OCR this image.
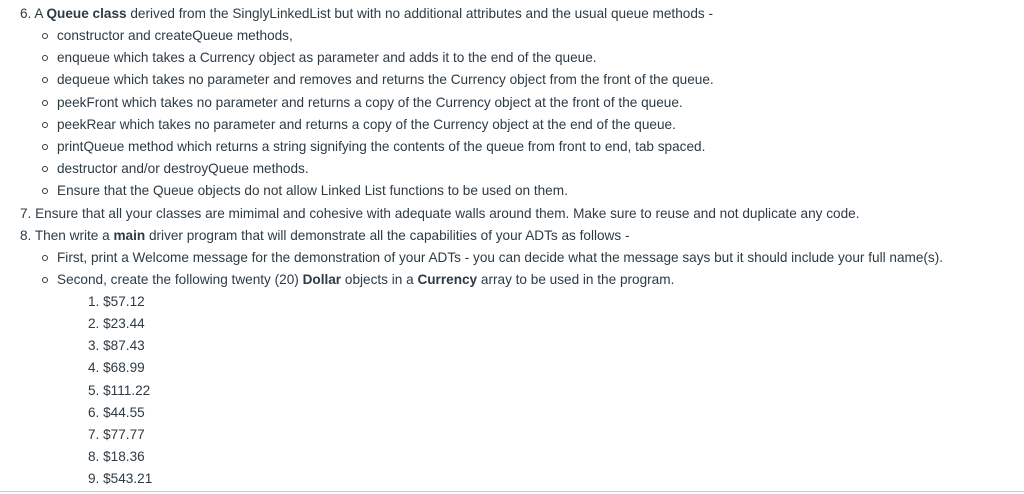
6. A Queue class derived from the SinglyLinkedList but with no additional attributes and the usual queue methods -
constructor and createQueue methods,
enqueue which takes a Currency object as parameter and adds it to the end of the queue.
dequeue which takes no parameter and removes and returns the Currency object from the front of the queue.
peekFront which takes no parameter and returns a copy of the Currency object at the front of the queue.
peekRear which takes no parameter and returns a copy of the Currency object at the end of the queue.
printQueue method which returns a string signifying the contents of the queue from front to end, tab spaced.
destructor and/or destroyQueue methods.
Ensure that the Queue objects do not allow Linked List functions to be used on them.
7. Ensure that all your classes are mimimal and cohesive with adequate walls around them. Make sure to reuse and not duplicate any code.
8. Then write a main driver program that will demonstrate all the capabilities of your ADTs as follows -
First, print a Welcome message for the demonstration of your ADTs - you can decide what the message says but it should include your full name(s).
Second, create the following twenty (20) Dollar objects in a Currency array to be used in the program.
1. $57.12
2. $23.44
3. $87.43
4. $68.99
5. $111.22
6. $44.55
7. $77.77
8. $18.36
9. $543.21
